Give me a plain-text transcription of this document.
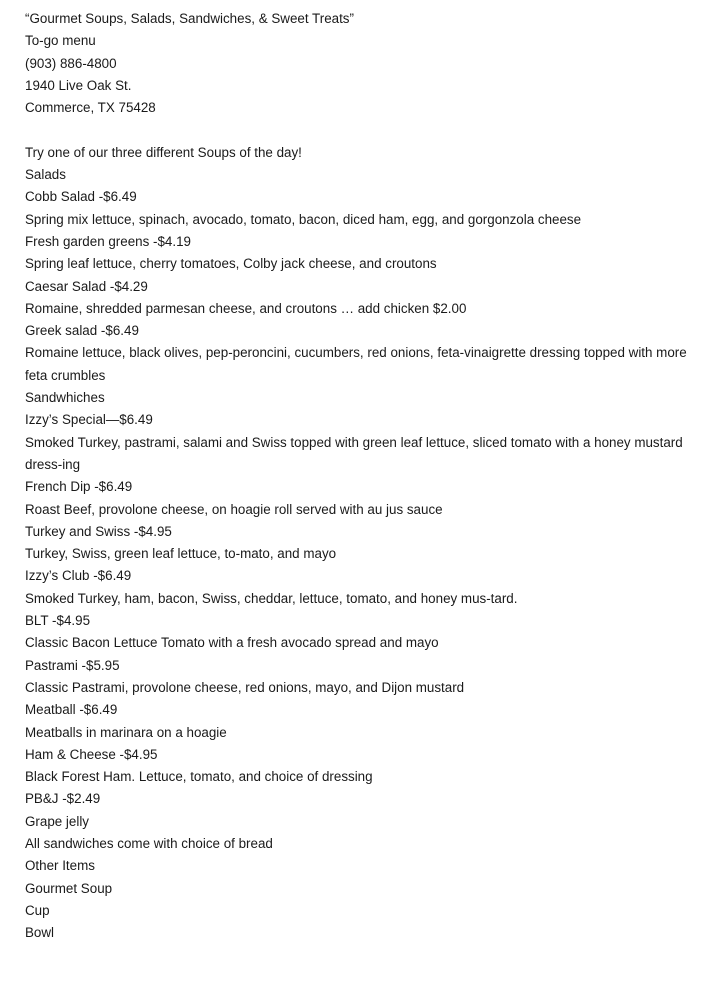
“Gourmet Soups, Salads, Sandwiches, & Sweet Treats”
To-go menu
(903) 886-4800
1940 Live Oak St.
Commerce, TX 75428
Try one of our three different Soups of the day!
Salads
Cobb Salad -$6.49
Spring mix lettuce, spinach, avocado, tomato, bacon, diced ham, egg, and gorgonzola cheese
Fresh garden greens -$4.19
Spring leaf lettuce, cherry tomatoes, Colby jack cheese, and croutons
Caesar Salad -$4.29
Romaine, shredded parmesan cheese, and croutons … add chicken $2.00
Greek salad -$6.49
Romaine lettuce, black olives, pep-peroncini, cucumbers, red onions, feta-vinaigrette dressing topped with more feta crumbles
Sandwhiches
Izzy’s Special—$6.49
Smoked Turkey, pastrami, salami and Swiss topped with green leaf lettuce, sliced tomato with a honey mustard dress-ing
French Dip -$6.49
Roast Beef, provolone cheese, on hoagie roll served with au jus sauce
Turkey and Swiss -$4.95
Turkey, Swiss, green leaf lettuce, to-mato, and mayo
Izzy’s Club -$6.49
Smoked Turkey, ham, bacon, Swiss, cheddar, lettuce, tomato, and honey mus-tard.
BLT -$4.95
Classic Bacon Lettuce Tomato with a fresh avocado spread and mayo
Pastrami -$5.95
Classic Pastrami, provolone cheese, red onions, mayo, and Dijon mustard
Meatball -$6.49
Meatballs in marinara on a hoagie
Ham & Cheese -$4.95
Black Forest Ham. Lettuce, tomato, and choice of dressing
PB&J -$2.49
Grape jelly
All sandwiches come with choice of bread
Other Items
Gourmet Soup
Cup
Bowl
